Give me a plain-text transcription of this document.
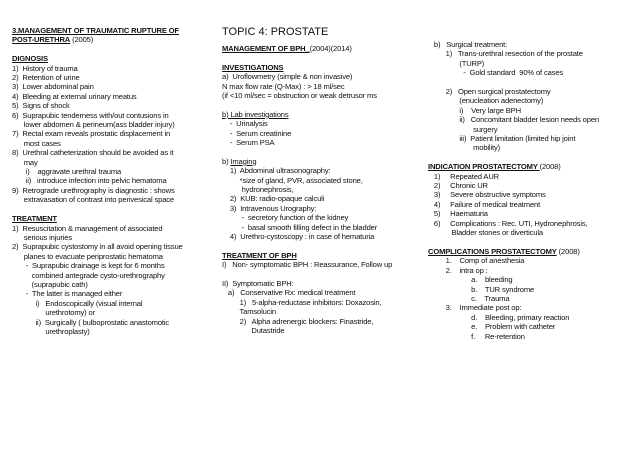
3.MANAGEMENT OF TRAUMATIC RUPTURE OF
POST-URETHRA (2005)
DIGNOSIS
1)  History of trauma
2)  Retention of urine
3)  Lower abdominal pain
4)  Bleeding at external urinary meatus
5)  Signs of shock
6)  Suprapubic tenderness with/out contusions in
lower abdomen & perineum(ass bladder injury)
7)  Rectal exam reveals prostatic displacement in
most cases
8)  Urethral catheterization should be avoided as it
may
i)    aggravate urethral trauma
ii)   introduce infection into pelvic hematoma
9)  Retrograde urethrography is diagnostic : shows
extravasation of contrast into perivesical space
TREATMENT
1)  Resuscitation & management of associated
serious injuries
2)  Suprapubic cystostomy in all avoid opening tissue
planes to evacuate periprostatic hematoma
-  Suprapubic drainage is kept for 6 months
combined antegrade cysto-urethrography
(suprapubic cath)
-  The latter is managed either
i)   Endoscopically (visual internal
urethrotomy) or
ii)  Surgically ( bulboprostatic anastomotic
urethroplasty)
TOPIC 4: PROSTATE
MANAGEMENT OF BPH_(2004)(2014)
INVESTIGATIONS
a)  Uroflowmetry (simple & non invasive)
N max flow rate (Q-Max) : > 18 ml/sec
(if <10 ml/sec = obstruction or weak detrusor ms
b) Lab investigations
-  Urinalysis
-  Serum creatinine
-  Serum PSA
b) Imaging
1)  Abdominal ultrasonography:
*size of gland, PVR, associated stone,
hydronephrosis,
2)  KUB: radio-opaque calculi
3)  Intravenous Urography:
-  secretory function of the kidney
-  basal smooth filling defect in the bladder
4)  Urethro-cystoscopy : in case of hematuria
TREATMENT OF BPH
I)   Non- symptomatic BPH : Reassurance, Follow up
II)  Symptomatic BPH:
a)   Conservative Rx: medical treatment
1)   5-alpha-reductase inhibitors: Doxazosin,
Tamsolucin
2)   Alpha adrenergic blockers: Finastride,
Dutastride
b)   Surgical treatment:
1)   Trans-urethral resection of the prostate
(TURP)
-  Gold standard  90% of cases
2)   Open surgical prostatectomy
(enucleation adenectomy)
i)    Very large BPH
ii)   Concomitant bladder lesion needs open
surgery
iii)  Patient limitation (limited hip joint
mobility)
INDICATION PROSTATECTOMY (2008)
1)     Repeated AUR
2)     Chronic UR
3)     Severe obstructive symptoms
4)     Failure of medical treatment
5)     Haematuria
6)     Complications : Rec. UTI, Hydronephrosis,
Bladder stones or diverticula
COMPLICATIONS PROSTATECTOMY (2008)
1.    Comp of anesthesia
2.    intra op :
a.    bleeding
b.    TUR syndrome
c.    Trauma
3.    Immediate post op:
d.    Bleeding, primary reaction
e.    Problem with catheter
f.     Re-retention
